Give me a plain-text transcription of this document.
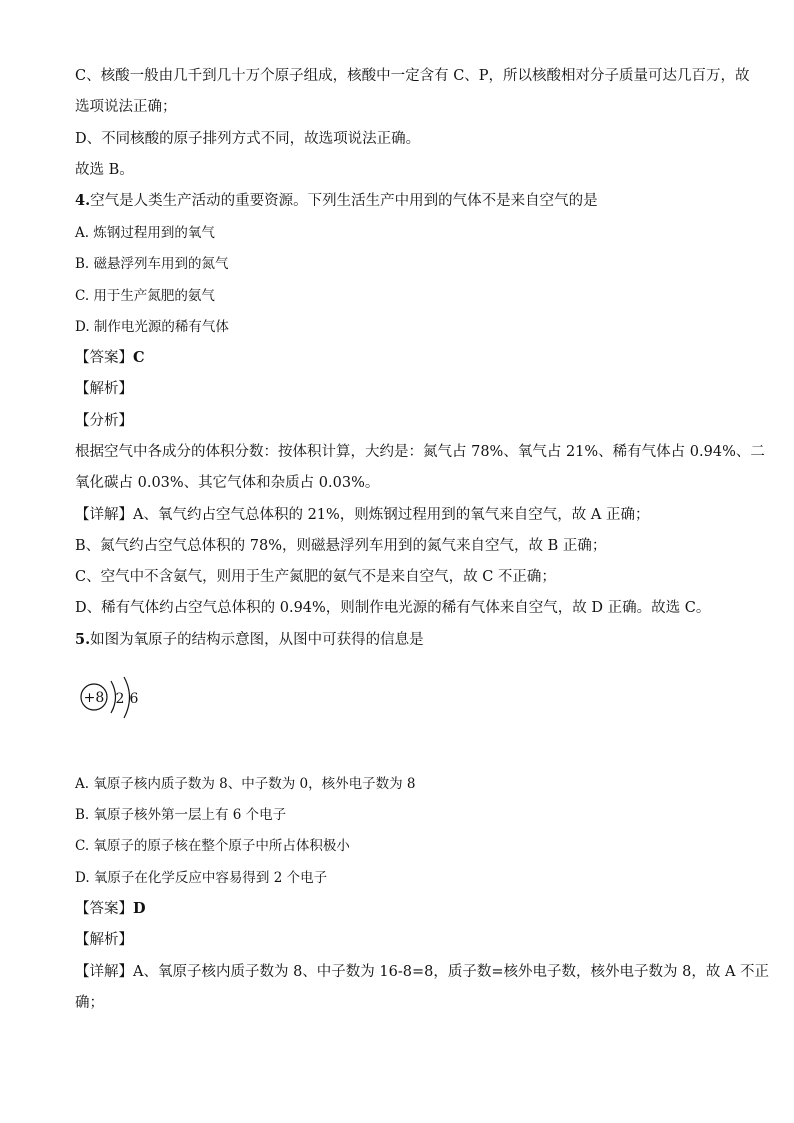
C、核酸一般由几千到几十万个原子组成，核酸中一定含有 C、P，所以核酸相对分子质量可达几百万，故
选项说法正确；
D、不同核酸的原子排列方式不同，故选项说法正确。
故选 B。
4.空气是人类生产活动的重要资源。下列生活生产中用到的气体不是来自空气的是
A. 炼钢过程用到的氧气
B. 磁悬浮列车用到的氮气
C. 用于生产氮肥的氨气
D. 制作电光源的稀有气体
【答案】C
【解析】
【分析】
根据空气中各成分的体积分数：按体积计算，大约是：氮气占 78%、氧气占 21%、稀有气体占 0.94%、二
氧化碳占 0.03%、其它气体和杂质占 0.03%。
【详解】A、氧气约占空气总体积的 21%，则炼钢过程用到的氧气来自空气，故 A 正确；
B、氮气约占空气总体积的 78%，则磁悬浮列车用到的氮气来自空气，故 B 正确；
C、空气中不含氨气，则用于生产氮肥的氨气不是来自空气，故 C 不正确；
D、稀有气体约占空气总体积的 0.94%，则制作电光源的稀有气体来自空气，故 D 正确。故选 C。
5.如图为氧原子的结构示意图，从图中可获得的信息是
+8 2 6
A. 氧原子核内质子数为 8、中子数为 0，核外电子数为 8
B. 氧原子核外第一层上有 6 个电子
C. 氧原子的原子核在整个原子中所占体积极小
D. 氧原子在化学反应中容易得到 2 个电子
【答案】D
【解析】
【详解】A、氧原子核内质子数为 8、中子数为 16-8=8，质子数=核外电子数，核外电子数为 8，故 A 不正
确；
